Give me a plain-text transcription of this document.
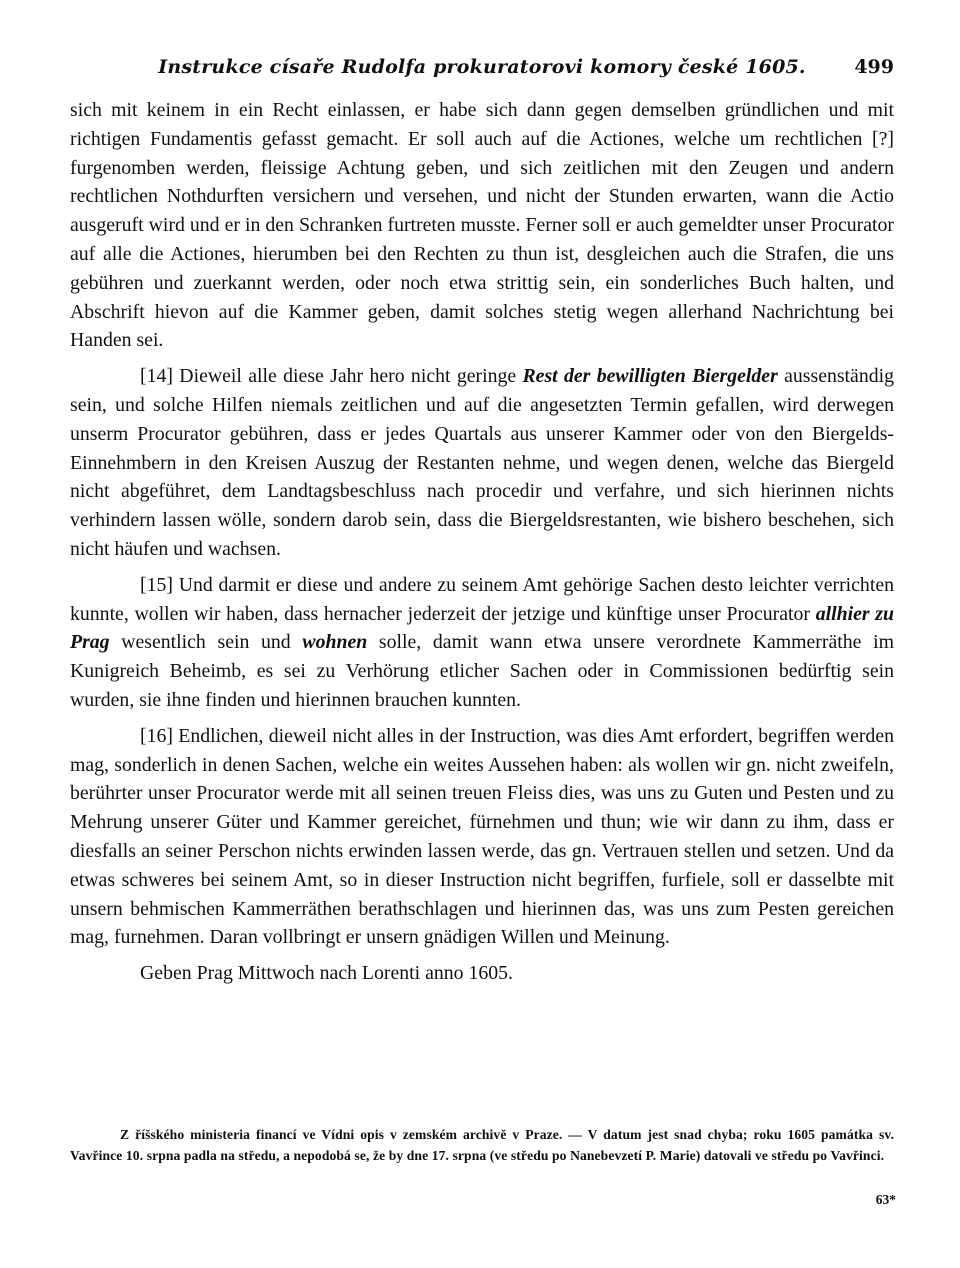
Instrukce císaře Rudolfa prokuratorovi komory české 1605.	499

sich mit keinem in ein Recht einlassen, er habe sich dann gegen demselben gründlichen und mit richtigen Fundamentis gefasst gemacht. Er soll auch auf die Actiones, welche um rechtlichen [?] furgenomben werden, fleissige Achtung geben, und sich zeitlichen mit den Zeugen und andern rechtlichen Nothdurften versichern und versehen, und nicht der Stunden erwarten, wann die Actio ausgeruft wird und er in den Schranken furtreten musste. Ferner soll er auch gemeldter unser Procurator auf alle die Actiones, hierumben bei den Rechten zu thun ist, desgleichen auch die Strafen, die uns gebühren und zuerkannt werden, oder noch etwa strittig sein, ein sonderliches Buch halten, und Abschrift hievon auf die Kammer geben, damit solches stetig wegen allerhand Nachrichtung bei Handen sei.

[14] Dieweil alle diese Jahr hero nicht geringe Rest der bewilligten Biergelder aussenständig sein, und solche Hilfen niemals zeitlichen und auf die angesetzten Termin gefallen, wird derwegen unserm Procurator gebühren, dass er jedes Quartals aus unserer Kammer oder von den Biergelds-Einnehmbern in den Kreisen Auszug der Restanten nehme, und wegen denen, welche das Biergeld nicht abgeführet, dem Landtagsbeschluss nach procedir und verfahre, und sich hierinnen nichts verhindern lassen wölle, sondern darob sein, dass die Biergeldsrestanten, wie bishero beschehen, sich nicht häufen und wachsen.

[15] Und darmit er diese und andere zu seinem Amt gehörige Sachen desto leichter verrichten kunnte, wollen wir haben, dass hernacher jederzeit der jetzige und künftige unser Procurator allhier zu Prag wesentlich sein und wohnen solle, damit wann etwa unsere verordnete Kammerräthe im Kunigreich Beheimb, es sei zu Verhörung etlicher Sachen oder in Commissionen bedürftig sein wurden, sie ihne finden und hierinnen brauchen kunnten.

[16] Endlichen, dieweil nicht alles in der Instruction, was dies Amt erfordert, begriffen werden mag, sonderlich in denen Sachen, welche ein weites Aussehen haben: als wollen wir gn. nicht zweifeln, berührter unser Procurator werde mit all seinen treuen Fleiss dies, was uns zu Guten und Pesten und zu Mehrung unserer Güter und Kammer gereichet, fürnehmen und thun; wie wir dann zu ihm, dass er diesfalls an seiner Perschon nichts erwinden lassen werde, das gn. Vertrauen stellen und setzen. Und da etwas schweres bei seinem Amt, so in dieser Instruction nicht begriffen, furfiele, soll er dasselbte mit unsern behmischen Kammerräthen berathschlagen und hierinnen das, was uns zum Pesten gereichen mag, furnehmen. Daran vollbringt er unsern gnädigen Willen und Meinung.

Geben Prag Mittwoch nach Lorenti anno 1605.

Z říšského ministeria financí ve Vídni opis v zemském archivě v Praze. — V datum jest snad chyba; roku 1605 památka sv. Vavřince 10. srpna padla na středu, a nepodobá se, že by dne 17. srpna (ve středu po Nanebevzetí P. Marie) datovali ve středu po Vavřinci.
63*
